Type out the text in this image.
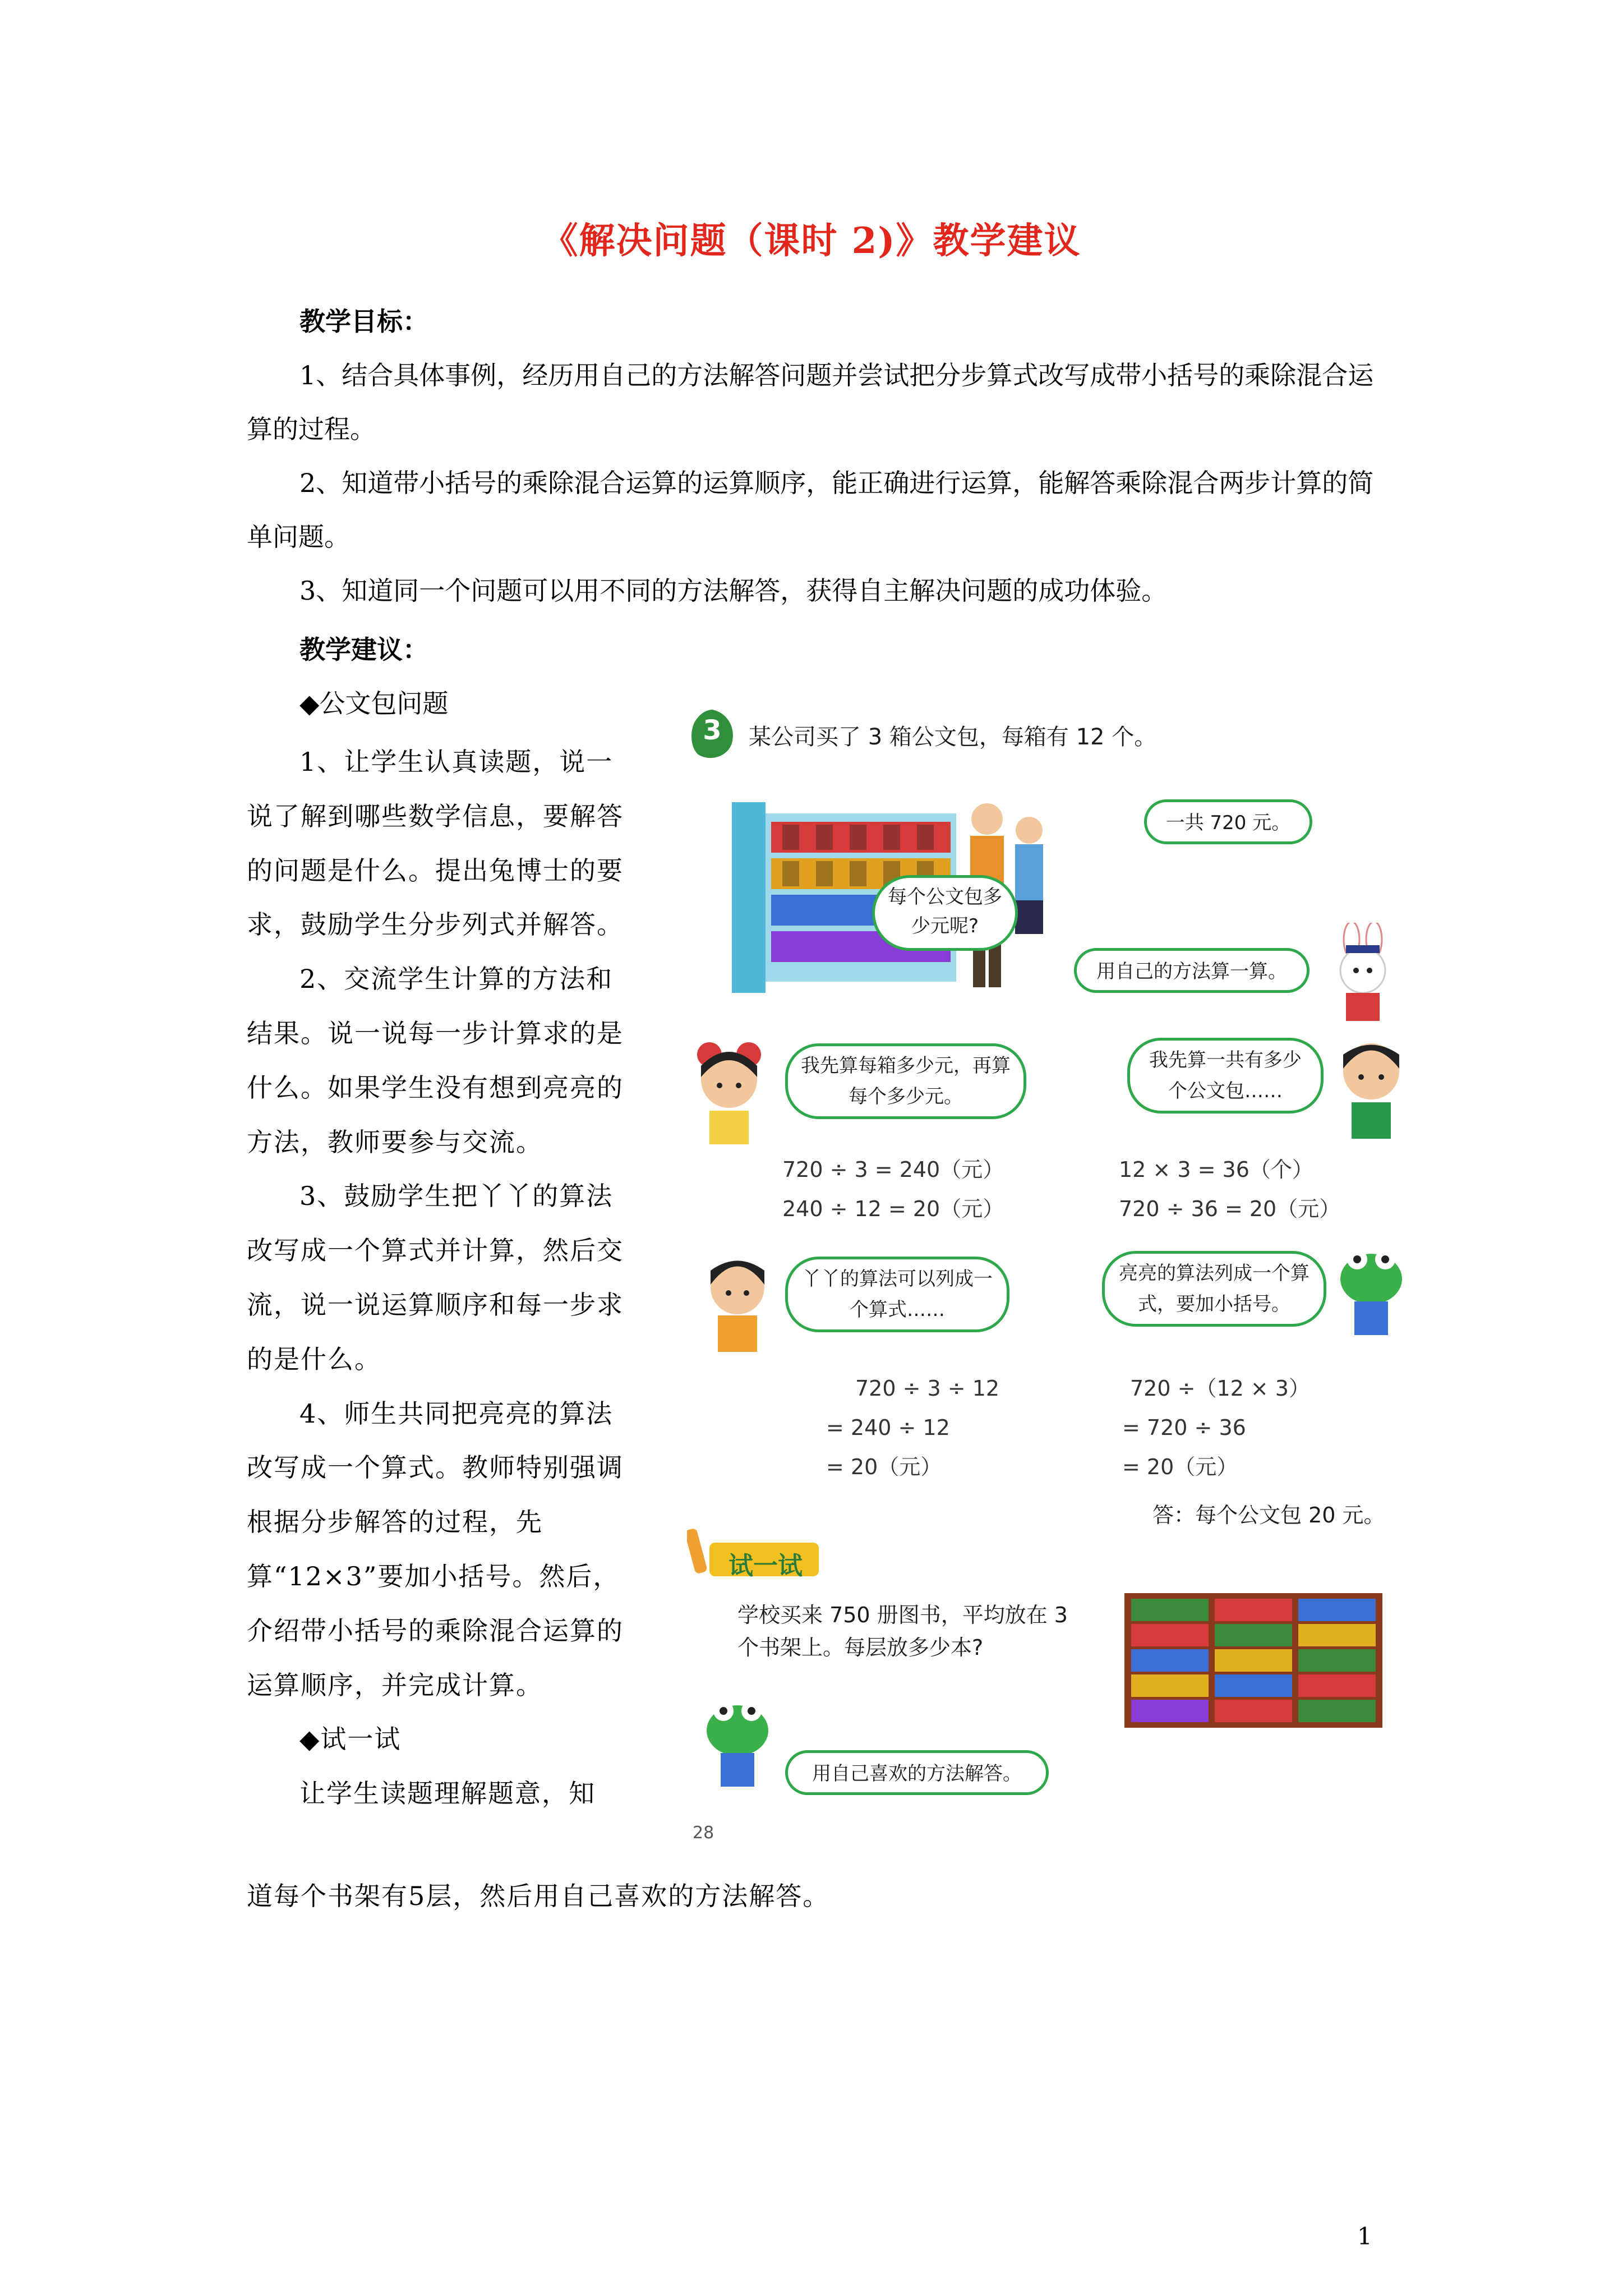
《解决问题（课时 2)》教学建议

教学目标：

1、结合具体事例，经历用自己的方法解答问题并尝试把分步算式改写成带小括号的乘除混合运算的过程。

2、知道带小括号的乘除混合运算的运算顺序，能正确进行运算，能解答乘除混合两步计算的简单问题。

3、知道同一个问题可以用不同的方法解答，获得自主解决问题的成功体验。

教学建议：

◆公文包问题

1、让学生认真读题，说一说了解到哪些数学信息，要解答的问题是什么。提出兔博士的要求，鼓励学生分步列式并解答。

2、交流学生计算的方法和结果。说一说每一步计算求的是什么。如果学生没有想到亮亮的方法，教师要参与交流。

3、鼓励学生把丫丫的算法改写成一个算式并计算，然后交流，说一说运算顺序和每一步求的是什么。

4、师生共同把亮亮的算法改写成一个算式。教师特别强调根据分步解答的过程，先算“12×3”要加小括号。然后，介绍带小括号的乘除混合运算的运算顺序，并完成计算。

◆试一试

让学生读题理解题意，知

道每个书架有5层，然后用自己喜欢的方法解答。

3	某公司买了 3 箱公文包，每箱有 12 个。
一共 720 元。
每个公文包多少元呢?
用自己的方法算一算。
我先算每箱多少元，再算每个多少元。
我先算一共有多少个公文包……
720 ÷ 3 = 240（元）
240 ÷ 12 = 20（元）
12 × 3 = 36（个）
720 ÷ 36 = 20（元）
丫丫的算法可以列成一个算式……
亮亮的算法列成一个算式，要加小括号。
720 ÷ 3 ÷ 12
= 240 ÷ 12
= 20（元）
720 ÷（12 × 3）
= 720 ÷ 36
= 20（元）
答：每个公文包 20 元。
试一试
学校买来 750 册图书，平均放在 3 个书架上。每层放多少本?
用自己喜欢的方法解答。
28
1
